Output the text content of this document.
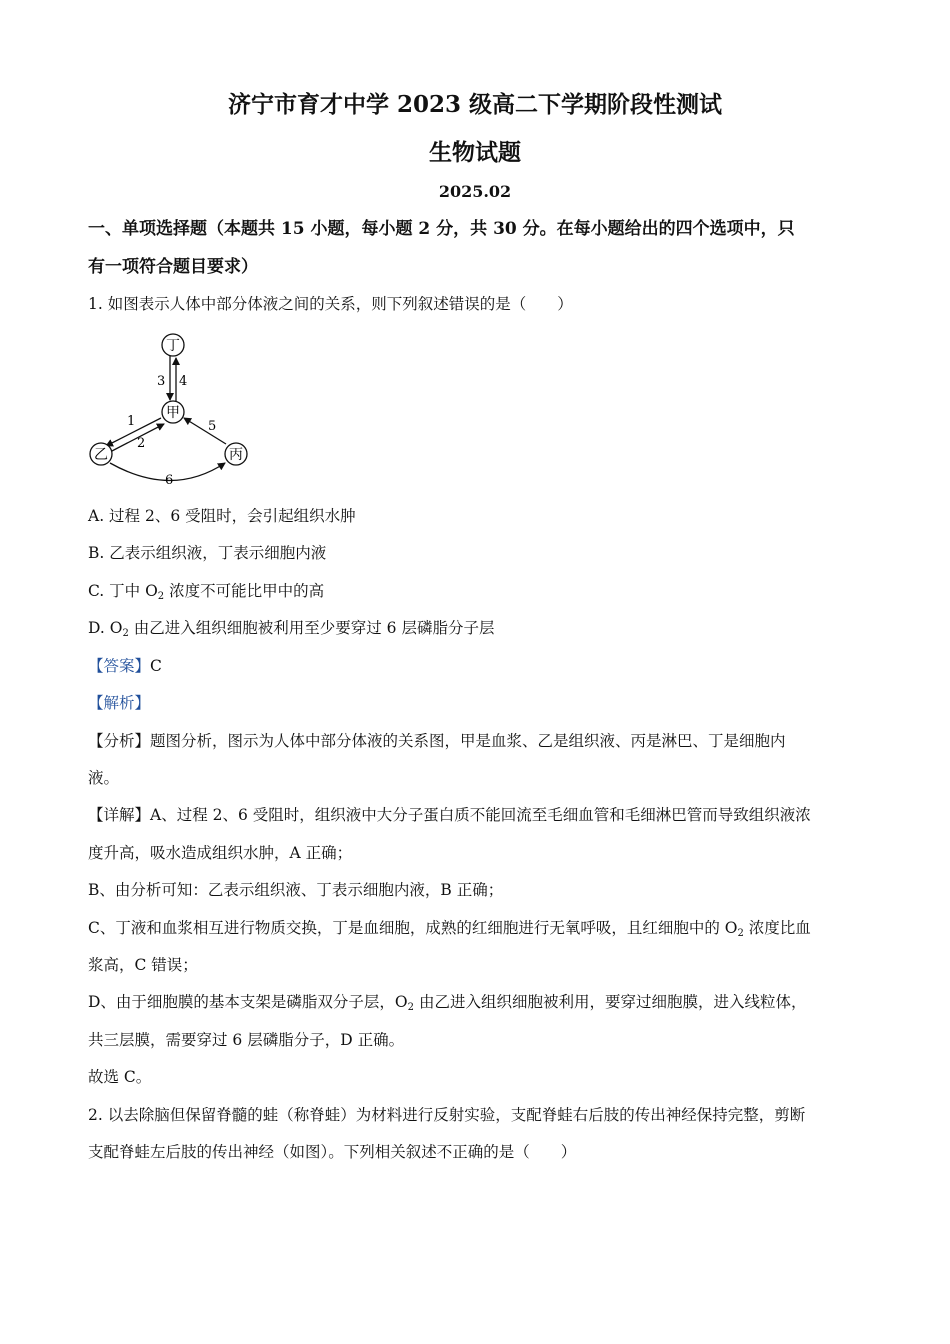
济宁市育才中学 2023 级高二下学期阶段性测试
生物试题
2025.02
一、单项选择题（本题共 15 小题，每小题 2 分，共 30 分。在每小题给出的四个选项中，只
有一项符合题目要求）
1. 如图表示人体中部分体液之间的关系，则下列叙述错误的是（　　）
丁
甲
乙	丙
3 4
1
2
5
6
A. 过程 2、6 受阻时，会引起组织水肿
B. 乙表示组织液，丁表示细胞内液
C. 丁中 $O_2$ 浓度不可能比甲中的高
D. $O_2$ 由乙进入组织细胞被利用至少要穿过 6 层磷脂分子层
【答案】C
【解析】
【分析】题图分析，图示为人体中部分体液的关系图，甲是血浆、乙是组织液、丙是淋巴、丁是细胞内
液。
【详解】A、过程 2、6 受阻时，组织液中大分子蛋白质不能回流至毛细血管和毛细淋巴管而导致组织液浓
度升高，吸水造成组织水肿，A 正确；
B、由分析可知：乙表示组织液、丁表示细胞内液，B 正确；
C、丁液和血浆相互进行物质交换，丁是血细胞，成熟的红细胞进行无氧呼吸，且红细胞中的 $O_2$ 浓度比血
浆高，C 错误；
D、由于细胞膜的基本支架是磷脂双分子层，$O_2$ 由乙进入组织细胞被利用，要穿过细胞膜，进入线粒体，
共三层膜，需要穿过 6 层磷脂分子，D 正确。
故选 C。
2. 以去除脑但保留脊髓的蛙（称脊蛙）为材料进行反射实验，支配脊蛙右后肢的传出神经保持完整，剪断
支配脊蛙左后肢的传出神经（如图）。下列相关叙述不正确的是（　　）
